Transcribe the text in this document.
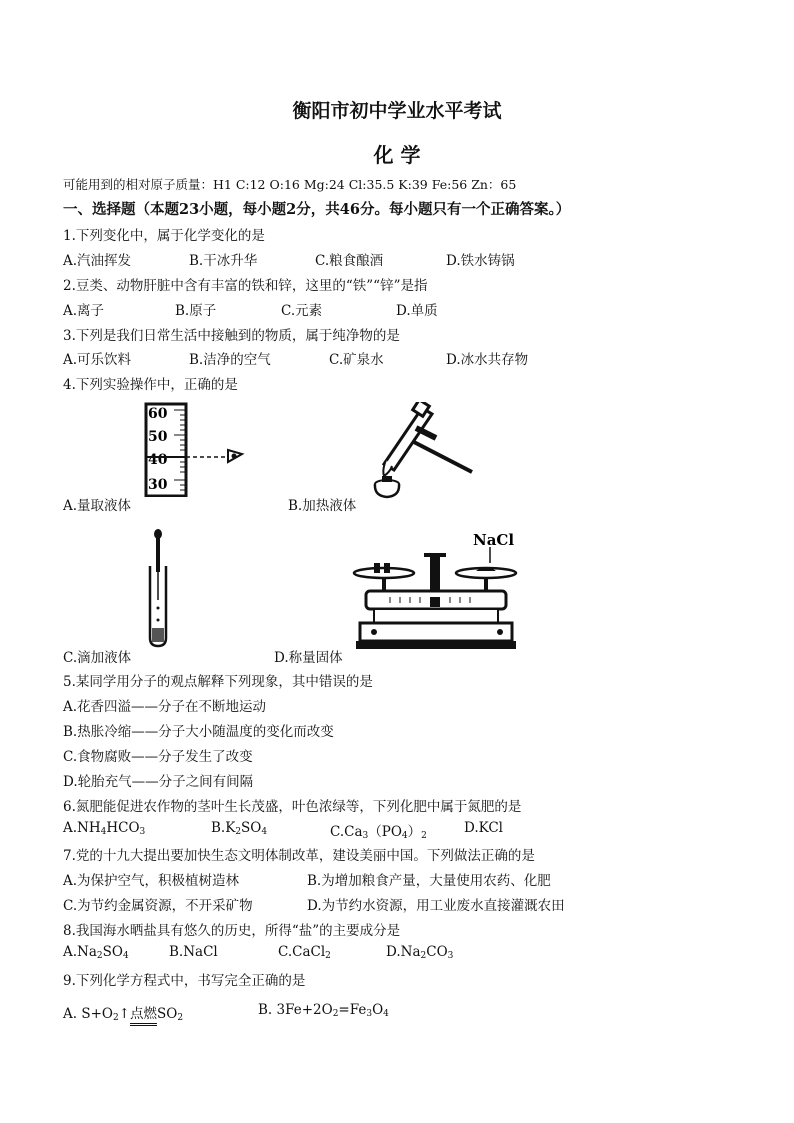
衡阳市初中学业水平考试
化 学
可能用到的相对原子质量：H1 C:12 O:16 Mg:24 Cl:35.5 K:39 Fe:56 Zn：65
一、选择题（本题23小题，每小题2分，共46分。每小题只有一个正确答案。）
1.下列变化中，属于化学变化的是
A.汽油挥发	B.干冰升华	C.粮食酿酒	D.铁水铸锅
2.豆类、动物肝脏中含有丰富的铁和锌，这里的“铁”“锌”是指
A.离子	B.原子	C.元素	D.单质
3.下列是我们日常生活中接触到的物质，属于纯净物的是
A.可乐饮料	B.洁净的空气	C.矿泉水	D.冰水共存物
4.下列实验操作中，正确的是
60
50
40
30
A.量取液体	B.加热液体
C.滴加液体
NaCl
D.称量固体
5.某同学用分子的观点解释下列现象，其中错误的是
A.花香四溢——分子在不断地运动
B.热胀冷缩——分子大小随温度的变化而改变
C.食物腐败——分子发生了改变
D.轮胎充气——分子之间有间隔
6.氮肥能促进农作物的茎叶生长茂盛，叶色浓绿等，下列化肥中属于氮肥的是
$A.NH_4HCO_3$	$B.K_2SO_4$	$C.Ca_3(PO_4)_2$	D.KCl
7.党的十九大提出要加快生态文明体制改革，建设美丽中国。下列做法正确的是
A.为保护空气，积极植树造林	B.为增加粮食产量，大量使用农药、化肥
C.为节约金属资源，不开采矿物	D.为节约水资源，用工业废水直接灌溉农田
8.我国海水晒盐具有悠久的历史，所得“盐”的主要成分是
$A.Na_2SO_4$	B.NaCl	C.CaCl$_2$	$D.Na_2CO_3$
9.下列化学方程式中，书写完全正确的是
A. $S+O_2↑$点燃$SO_2$	B. $3Fe+2O_2=Fe_3O_4$
